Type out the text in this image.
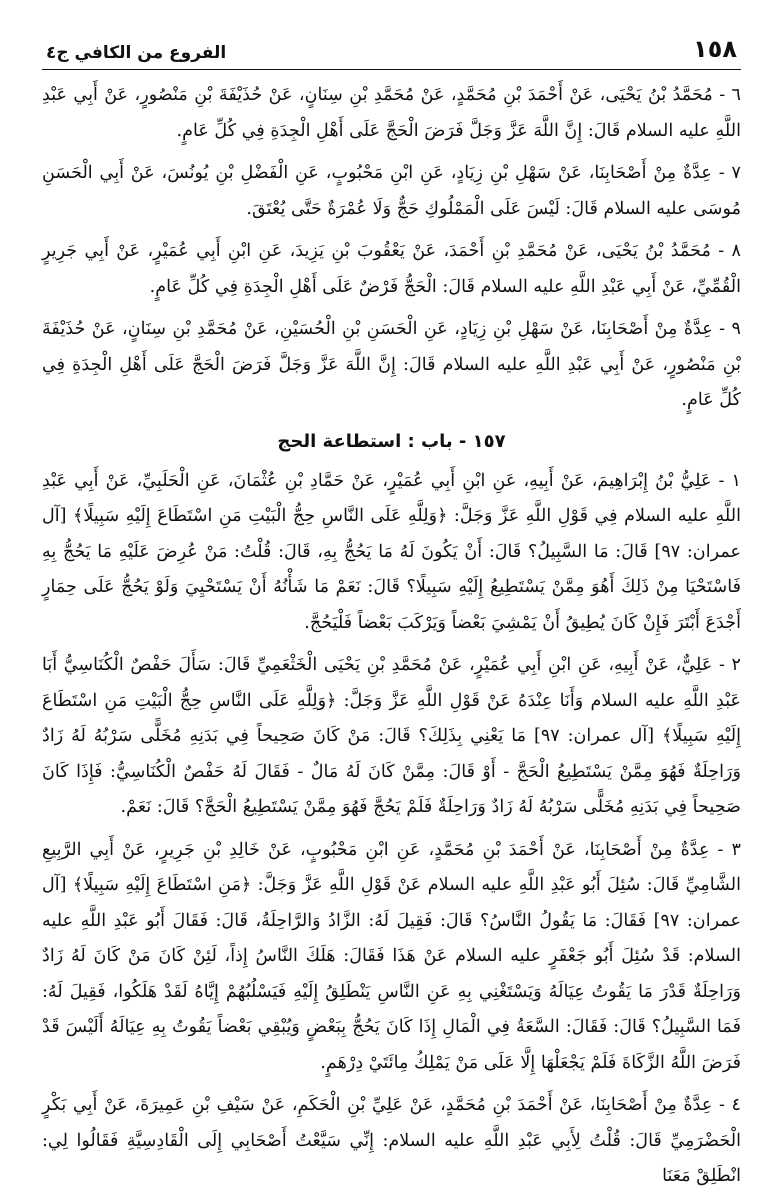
١٥٨
الفروع من الكافي ج٤

٦ - مُحَمَّدُ بْنُ يَحْيَى، عَنْ أَحْمَدَ بْنِ مُحَمَّدٍ، عَنْ مُحَمَّدِ بْنِ سِنَانٍ، عَنْ حُذَيْفَةَ بْنِ مَنْصُورٍ، عَنْ أَبِي عَبْدِ اللَّهِ عليه السلام قَالَ: إِنَّ اللَّهَ عَزَّ وَجَلَّ فَرَضَ الْحَجَّ عَلَى أَهْلِ الْجِدَةِ فِي كُلِّ عَامٍ.

٧ - عِدَّةٌ مِنْ أَصْحَابِنَا، عَنْ سَهْلِ بْنِ زِيَادٍ، عَنِ ابْنِ مَحْبُوبٍ، عَنِ الْفَضْلِ بْنِ يُونُسَ، عَنْ أَبِي الْحَسَنِ مُوسَى عليه السلام قَالَ: لَيْسَ عَلَى الْمَمْلُوكِ حَجٌّ وَلَا عُمْرَةٌ حَتَّى يُعْتَقَ.

٨ - مُحَمَّدُ بْنُ يَحْيَى، عَنْ مُحَمَّدِ بْنِ أَحْمَدَ، عَنْ يَعْقُوبَ بْنِ يَزِيدَ، عَنِ ابْنِ أَبِي عُمَيْرٍ، عَنْ أَبِي جَرِيرٍ الْقُمِّيِّ، عَنْ أَبِي عَبْدِ اللَّهِ عليه السلام قَالَ: الْحَجُّ فَرْضٌ عَلَى أَهْلِ الْجِدَةِ فِي كُلِّ عَامٍ.

٩ - عِدَّةٌ مِنْ أَصْحَابِنَا، عَنْ سَهْلِ بْنِ زِيَادٍ، عَنِ الْحَسَنِ بْنِ الْحُسَيْنِ، عَنْ مُحَمَّدِ بْنِ سِنَانٍ، عَنْ حُذَيْفَةَ بْنِ مَنْصُورٍ، عَنْ أَبِي عَبْدِ اللَّهِ عليه السلام قَالَ: إِنَّ اللَّهَ عَزَّ وَجَلَّ فَرَضَ الْحَجَّ عَلَى أَهْلِ الْجِدَةِ فِي كُلِّ عَامٍ.

١٥٧ - باب : استطاعة الحج

١ - عَلِيُّ بْنُ إِبْرَاهِيمَ، عَنْ أَبِيهِ، عَنِ ابْنِ أَبِي عُمَيْرٍ، عَنْ حَمَّادِ بْنِ عُثْمَانَ، عَنِ الْحَلَبِيِّ، عَنْ أَبِي عَبْدِ اللَّهِ عليه السلام فِي قَوْلِ اللَّهِ عَزَّ وَجَلَّ: ﴿وَلِلَّهِ عَلَى النَّاسِ حِجُّ الْبَيْتِ مَنِ اسْتَطَاعَ إِلَيْهِ سَبِيلًا﴾ [آل عمران: ٩٧] قَالَ: مَا السَّبِيلُ؟ قَالَ: أَنْ يَكُونَ لَهُ مَا يَحُجُّ بِهِ، قَالَ: قُلْتُ: مَنْ عُرِضَ عَلَيْهِ مَا يَحُجُّ بِهِ فَاسْتَحْيَا مِنْ ذَلِكَ أَهُوَ مِمَّنْ يَسْتَطِيعُ إِلَيْهِ سَبِيلًا؟ قَالَ: نَعَمْ مَا شَأْنُهُ أَنْ يَسْتَحْيِيَ وَلَوْ يَحُجُّ عَلَى حِمَارٍ أَجْدَعَ أَبْتَرَ فَإِنْ كَانَ يُطِيقُ أَنْ يَمْشِيَ بَعْضاً وَيَرْكَبَ بَعْضاً فَلْيَحُجَّ.

٢ - عَلِيٌّ، عَنْ أَبِيهِ، عَنِ ابْنِ أَبِي عُمَيْرٍ، عَنْ مُحَمَّدِ بْنِ يَحْيَى الْخَثْعَمِيِّ قَالَ: سَأَلَ حَفْصٌ الْكُنَاسِيُّ أَبَا عَبْدِ اللَّهِ عليه السلام وَأَنَا عِنْدَهُ عَنْ قَوْلِ اللَّهِ عَزَّ وَجَلَّ: ﴿وَلِلَّهِ عَلَى النَّاسِ حِجُّ الْبَيْتِ مَنِ اسْتَطَاعَ إِلَيْهِ سَبِيلًا﴾ [آل عمران: ٩٧] مَا يَعْنِي بِذَلِكَ؟ قَالَ: مَنْ كَانَ صَحِيحاً فِي بَدَنِهِ مُخَلًّى سَرْبُهُ لَهُ زَادٌ وَرَاحِلَةٌ فَهُوَ مِمَّنْ يَسْتَطِيعُ الْحَجَّ - أَوْ قَالَ: مِمَّنْ كَانَ لَهُ مَالٌ - فَقَالَ لَهُ حَفْصٌ الْكُنَاسِيُّ: فَإِذَا كَانَ صَحِيحاً فِي بَدَنِهِ مُخَلًّى سَرْبُهُ لَهُ زَادٌ وَرَاحِلَةٌ فَلَمْ يَحُجَّ فَهُوَ مِمَّنْ يَسْتَطِيعُ الْحَجَّ؟ قَالَ: نَعَمْ.

٣ - عِدَّةٌ مِنْ أَصْحَابِنَا، عَنْ أَحْمَدَ بْنِ مُحَمَّدٍ، عَنِ ابْنِ مَحْبُوبٍ، عَنْ خَالِدِ بْنِ جَرِيرٍ، عَنْ أَبِي الرَّبِيعِ الشَّامِيِّ قَالَ: سُئِلَ أَبُو عَبْدِ اللَّهِ عليه السلام عَنْ قَوْلِ اللَّهِ عَزَّ وَجَلَّ: ﴿مَنِ اسْتَطَاعَ إِلَيْهِ سَبِيلًا﴾ [آل عمران: ٩٧] فَقَالَ: مَا يَقُولُ النَّاسُ؟ قَالَ: فَقِيلَ لَهُ: الزَّادُ وَالرَّاحِلَةُ، قَالَ: فَقَالَ أَبُو عَبْدِ اللَّهِ عليه السلام: قَدْ سُئِلَ أَبُو جَعْفَرٍ عليه السلام عَنْ هَذَا فَقَالَ: هَلَكَ النَّاسُ إِذاً، لَئِنْ كَانَ مَنْ كَانَ لَهُ زَادٌ وَرَاحِلَةٌ قَدْرَ مَا يَقُوتُ عِيَالَهُ وَيَسْتَغْنِي بِهِ عَنِ النَّاسِ يَنْطَلِقُ إِلَيْهِ فَيَسْلُبُهُمْ إِيَّاهُ لَقَدْ هَلَكُوا، فَقِيلَ لَهُ: فَمَا السَّبِيلُ؟ قَالَ: فَقَالَ: السَّعَةُ فِي الْمَالِ إِذَا كَانَ يَحُجُّ بِبَعْضٍ وَيُبْقِي بَعْضاً يَقُوتُ بِهِ عِيَالَهُ أَلَيْسَ قَدْ فَرَضَ اللَّهُ الزَّكَاةَ فَلَمْ يَجْعَلْهَا إِلَّا عَلَى مَنْ يَمْلِكُ مِائَتَيْ دِرْهَمٍ.

٤ - عِدَّةٌ مِنْ أَصْحَابِنَا، عَنْ أَحْمَدَ بْنِ مُحَمَّدٍ، عَنْ عَلِيِّ بْنِ الْحَكَمِ، عَنْ سَيْفِ بْنِ عَمِيرَةَ، عَنْ أَبِي بَكْرٍ الْحَضْرَمِيِّ قَالَ: قُلْتُ لِأَبِي عَبْدِ اللَّهِ عليه السلام: إِنِّي سَيَّعْتُ أَصْحَابِي إِلَى الْقَادِسِيَّةِ فَقَالُوا لِي: انْطَلِقْ مَعَنَا
